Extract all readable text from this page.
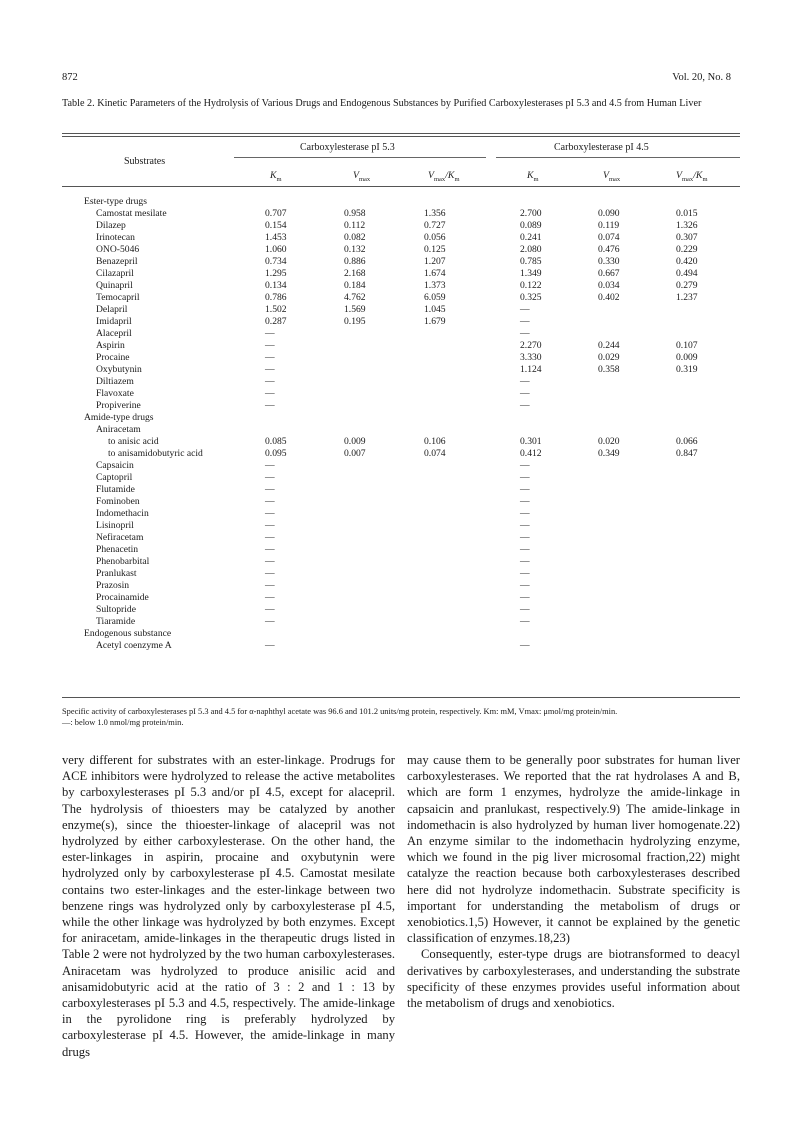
872	Vol. 20, No. 8
Table 2. Kinetic Parameters of the Hydrolysis of Various Drugs and Endogenous Substances by Purified Carboxylesterases pI 5.3 and 4.5 from Human Liver
Substrates
Carboxylesterase pI 5.3	Carboxylesterase pI 4.5
$K_m$	$V_{max}$	$V_{max}/K_m$	$K_m$	$V_{max}$	$V_{max}/K_m$
Ester-type drugs
Camostat mesilate	0.707	0.958	1.356	2.700	0.090	0.015
Dilazep	0.154	0.112	0.727	0.089	0.119	1.326
Irinotecan	1.453	0.082	0.056	0.241	0.074	0.307
ONO-5046	1.060	0.132	0.125	2.080	0.476	0.229
Benazepril	0.734	0.886	1.207	0.785	0.330	0.420
Cilazapril	1.295	2.168	1.674	1.349	0.667	0.494
Quinapril	0.134	0.184	1.373	0.122	0.034	0.279
Temocapril	0.786	4.762	6.059	0.325	0.402	1.237
Delapril	1.502	1.569	1.045	—
Imidapril	0.287	0.195	1.679	—
Alacepril	—	—
Aspirin	—	2.270	0.244	0.107
Procaine	—	3.330	0.029	0.009
Oxybutynin	—	1.124	0.358	0.319
Diltiazem	—	—
Flavoxate	—	—
Propiverine	—	—
Amide-type drugs
Aniracetam
to anisic acid	0.085	0.009	0.106	0.301	0.020	0.066
to anisamidobutyric acid	0.095	0.007	0.074	0.412	0.349	0.847
Capsaicin	—	—
Captopril	—	—
Flutamide	—	—
Fominoben	—	—
Indomethacin	—	—
Lisinopril	—	—
Nefiracetam	—	—
Phenacetin	—	—
Phenobarbital	—	—
Pranlukast	—	—
Prazosin	—	—
Procainamide	—	—
Sultopride	—	—
Tiaramide	—	—
Endogenous substance
Acetyl coenzyme A	—	—
Specific activity of carboxylesterases pI 5.3 and 4.5 for α-naphthyl acetate was 96.6 and 101.2 units/mg protein, respectively. Km: mM, Vmax: μmol/mg protein/min.
—: below 1.0 nmol/mg protein/min.

very different for substrates with an ester-linkage. Prodrugs for ACE inhibitors were hydrolyzed to release the active metabolites by carboxylesterases pI 5.3 and/or pI 4.5, except for alacepril. The hydrolysis of thioesters may be catalyzed by another enzyme(s), since the thioester-linkage of alacepril was not hydrolyzed by either carboxylesterase. On the other hand, the ester-linkages in aspirin, procaine and oxybutynin were hydrolyzed only by carboxylesterase pI 4.5. Camostat mesilate contains two ester-linkages and the ester-linkage between two benzene rings was hydrolyzed only by carboxylesterase pI 4.5, while the other linkage was hydrolyzed by both enzymes. Except for aniracetam, amide-linkages in the therapeutic drugs listed in Table 2 were not hydrolyzed by the two human carboxylesterases. Aniracetam was hydrolyzed to produce anisilic acid and anisamidobutyric acid at the ratio of 3 : 2 and 1 : 13 by carboxylesterases pI 5.3 and 4.5, respectively. The amide-linkage in the pyrolidone ring is preferably hydrolyzed by carboxylesterase pI 4.5. However, the amide-linkage in many drugs

may cause them to be generally poor substrates for human liver carboxylesterases. We reported that the rat hydrolases A and B, which are form 1 enzymes, hydrolyze the amide-linkage in capsaicin and pranlukast, respectively.9) The amide-linkage in indomethacin is also hydrolyzed by human liver homogenate.22) An enzyme similar to the indomethacin hydrolyzing enzyme, which we found in the pig liver microsomal fraction,22) might catalyze the reaction because both carboxylesterases described here did not hydrolyze indomethacin. Substrate specificity is important for understanding the metabolism of drugs or xenobiotics.1,5) However, it cannot be explained by the genetic classification of enzymes.18,23)

Consequently, ester-type drugs are biotransformed to deacyl derivatives by carboxylesterases, and understanding the substrate specificity of these enzymes provides useful information about the metabolism of drugs and xenobiotics.
